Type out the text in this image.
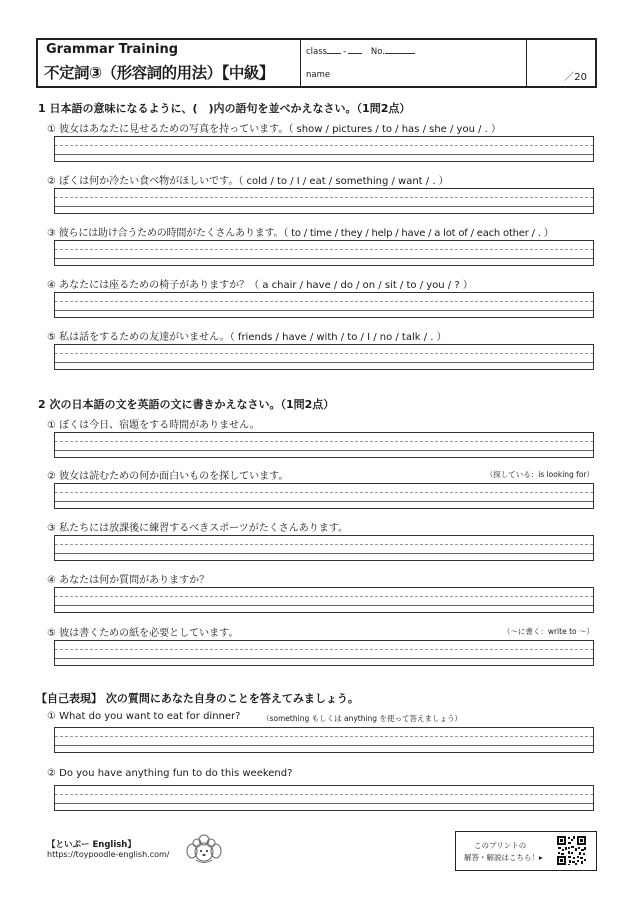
Grammar Training
不定詞③（形容詞的用法）【中級】
class -	No.
name	／20
1 日本語の意味になるように、(　)内の語句を並べかえなさい。（1問2点）
① 彼女はあなたに見せるための写真を持っています。（ show / pictures / to / has / she / you / . ）
② ぼくは何か冷たい食べ物がほしいです。（ cold / to / I / eat / something / want / . ）
③ 彼らには助け合うための時間がたくさんあります。（ to / time / they / help / have / a lot of / each other / . ）
④ あなたには座るための椅子がありますか？（ a chair / have / do / on / sit / to / you / ? ）
⑤ 私は話をするための友達がいません。（ friends / have / with / to / I / no / talk / . ）
2 次の日本語の文を英語の文に書きかえなさい。（1問2点）
① ぼくは今日、宿題をする時間がありません。
② 彼女は読むための何か面白いものを探しています。	（探している：is looking for）
③ 私たちには放課後に練習するべきスポーツがたくさんあります。
④ あなたは何か質問がありますか？
⑤ 彼は書くための紙を必要としています。	（～に書く：write to ～）
【自己表現】 次の質問にあなた自身のことを答えてみましょう。
① What do you want to eat for dinner?	（something もしくは anything を使って答えましょう）
② Do you have anything fun to do this weekend?
【といぷー English】
https://toypoodle-english.com/
このプリントの
解答・解説はこちら！▸
